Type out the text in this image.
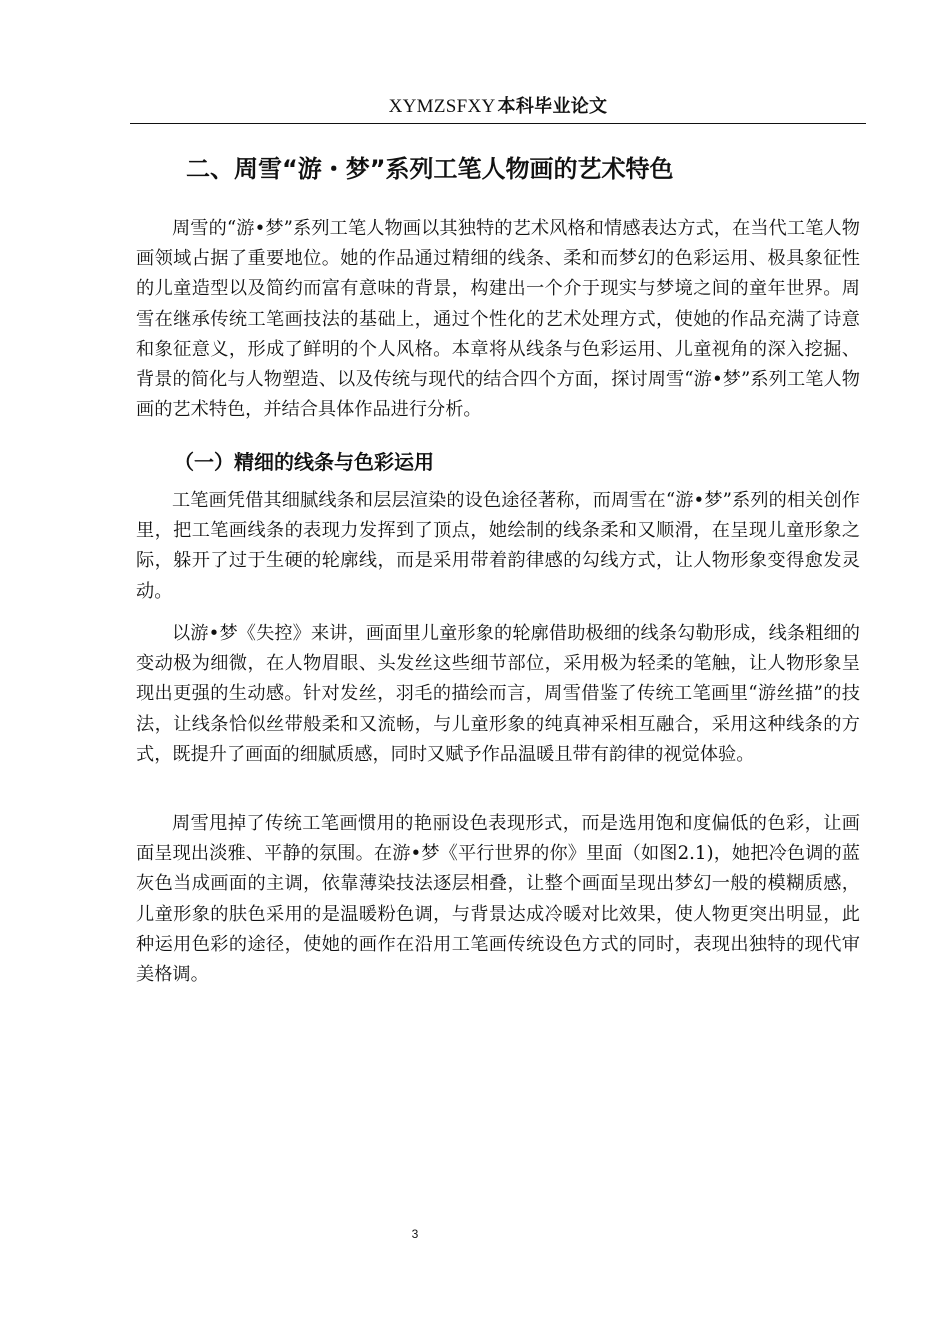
XYMZSFXY 本科毕业论文
二、周雪“游・梦”系列工笔人物画的艺术特色

周雪的“游•梦”系列工笔人物画以其独特的艺术风格和情感表达方式，在当代工笔人物画领域占据了重要地位。她的作品通过精细的线条、柔和而梦幻的色彩运用、极具象征性的儿童造型以及简约而富有意味的背景，构建出一个介于现实与梦境之间的童年世界。周雪在继承传统工笔画技法的基础上，通过个性化的艺术处理方式，使她的作品充满了诗意和象征意义，形成了鲜明的个人风格。本章将从线条与色彩运用、儿童视角的深入挖掘、背景的简化与人物塑造、以及传统与现代的结合四个方面，探讨周雪“游•梦”系列工笔人物画的艺术特色，并结合具体作品进行分析。

（一）精细的线条与色彩运用

工笔画凭借其细腻线条和层层渲染的设色途径著称，而周雪在“游•梦”系列的相关创作里，把工笔画线条的表现力发挥到了顶点，她绘制的线条柔和又顺滑，在呈现儿童形象之际，躲开了过于生硬的轮廓线，而是采用带着韵律感的勾线方式，让人物形象变得愈发灵动。

以游•梦《失控》来讲，画面里儿童形象的轮廓借助极细的线条勾勒形成，线条粗细的变动极为细微，在人物眉眼、头发丝这些细节部位，采用极为轻柔的笔触，让人物形象呈现出更强的生动感。针对发丝，羽毛的描绘而言，周雪借鉴了传统工笔画里“游丝描”的技法，让线条恰似丝带般柔和又流畅，与儿童形象的纯真神采相互融合，采用这种线条的方式，既提升了画面的细腻质感，同时又赋予作品温暖且带有韵律的视觉体验。

周雪甩掉了传统工笔画惯用的艳丽设色表现形式，而是选用饱和度偏低的色彩，让画面呈现出淡雅、平静的氛围。在游•梦《平行世界的你》里面（如图2.1)，她把冷色调的蓝灰色当成画面的主调，依靠薄染技法逐层相叠，让整个画面呈现出梦幻一般的模糊质感，儿童形象的肤色采用的是温暖粉色调，与背景达成冷暖对比效果，使人物更突出明显，此种运用色彩的途径，使她的画作在沿用工笔画传统设色方式的同时，表现出独特的现代审美格调。

3
